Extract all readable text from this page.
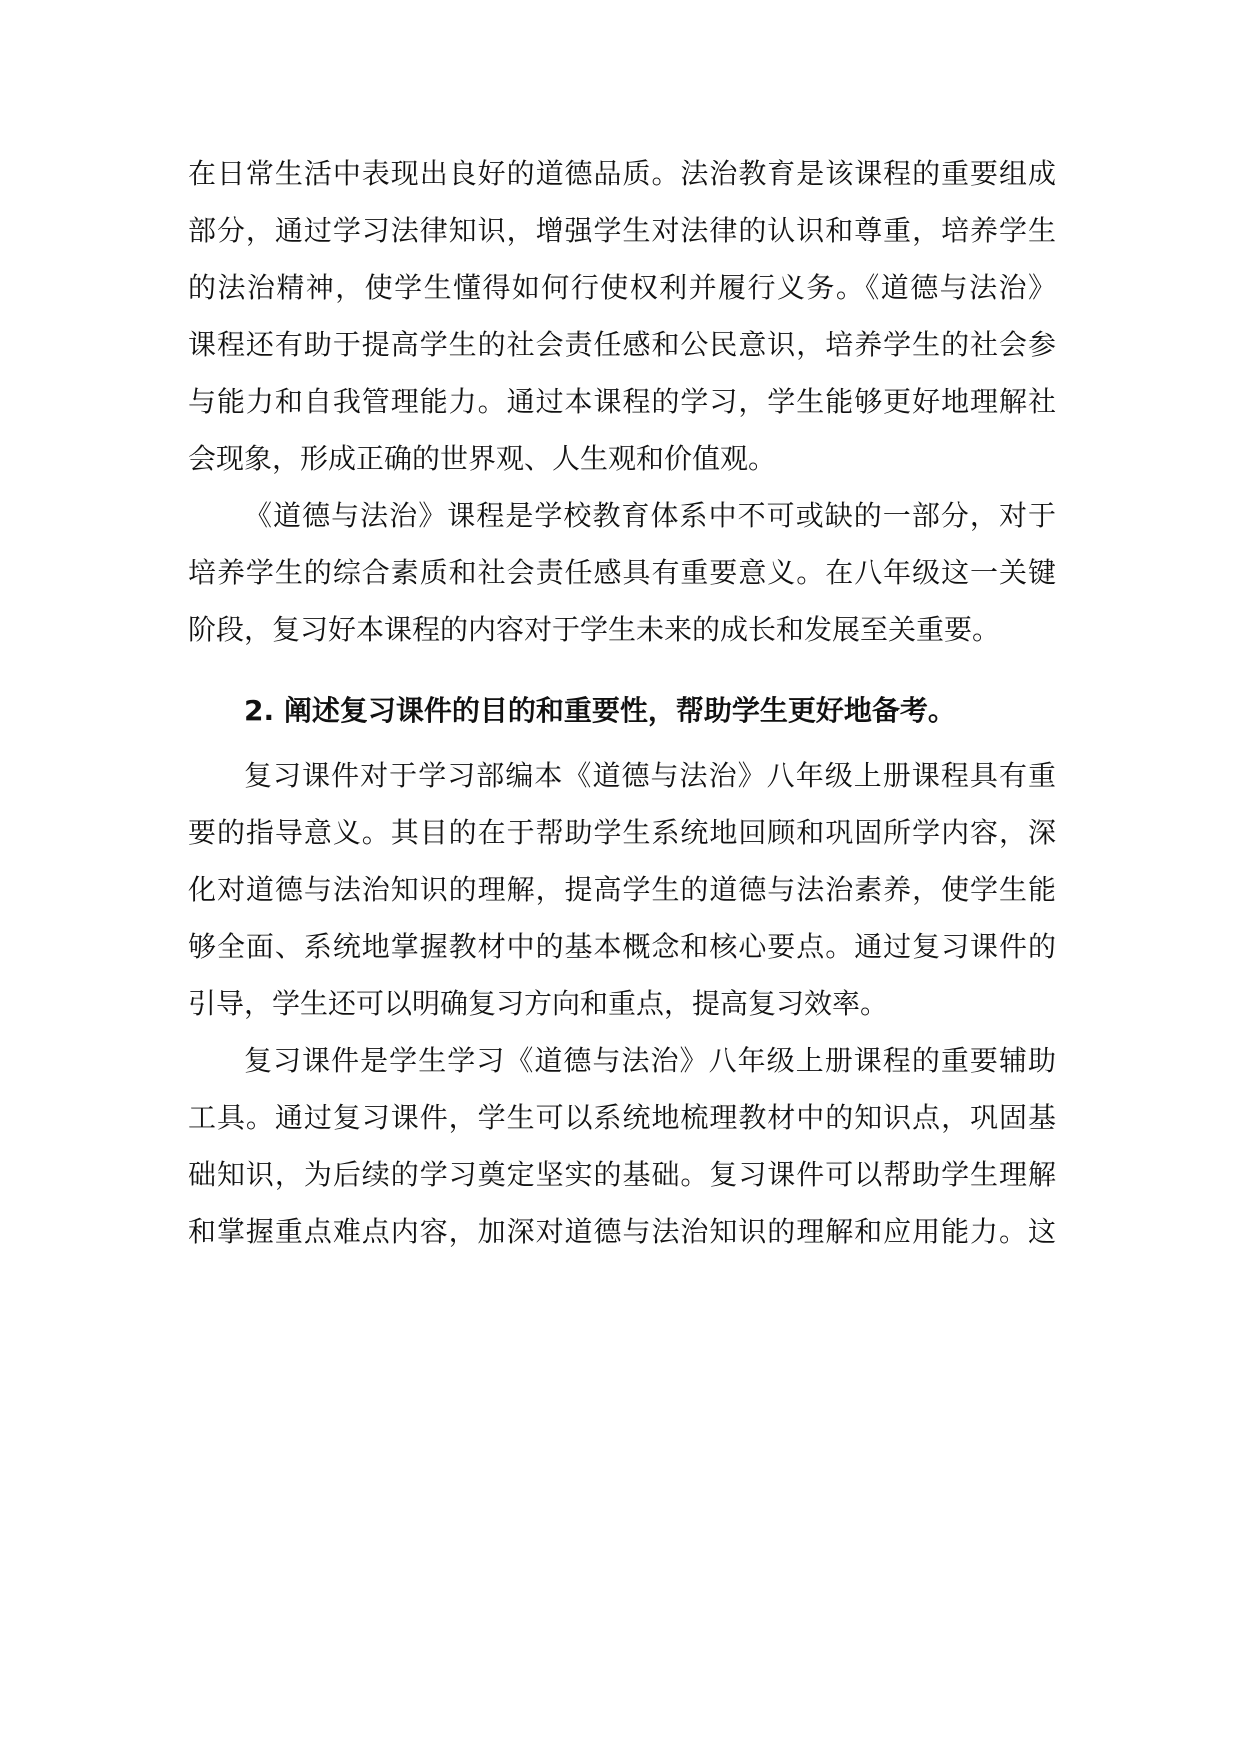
在日常生活中表现出良好的道德品质。法治教育是该课程的重要组成
部分，通过学习法律知识，增强学生对法律的认识和尊重，培养学生
的法治精神，使学生懂得如何行使权利并履行义务。《道德与法治》
课程还有助于提高学生的社会责任感和公民意识，培养学生的社会参
与能力和自我管理能力。通过本课程的学习，学生能够更好地理解社
会现象，形成正确的世界观、人生观和价值观。
《道德与法治》课程是学校教育体系中不可或缺的一部分，对于
培养学生的综合素质和社会责任感具有重要意义。在八年级这一关键
阶段，复习好本课程的内容对于学生未来的成长和发展至关重要。
2. 阐述复习课件的目的和重要性，帮助学生更好地备考。
复习课件对于学习部编本《道德与法治》八年级上册课程具有重
要的指导意义。其目的在于帮助学生系统地回顾和巩固所学内容，深
化对道德与法治知识的理解，提高学生的道德与法治素养，使学生能
够全面、系统地掌握教材中的基本概念和核心要点。通过复习课件的
引导，学生还可以明确复习方向和重点，提高复习效率。
复习课件是学生学习《道德与法治》八年级上册课程的重要辅助
工具。通过复习课件，学生可以系统地梳理教材中的知识点，巩固基
础知识，为后续的学习奠定坚实的基础。复习课件可以帮助学生理解
和掌握重点难点内容，加深对道德与法治知识的理解和应用能力。这
